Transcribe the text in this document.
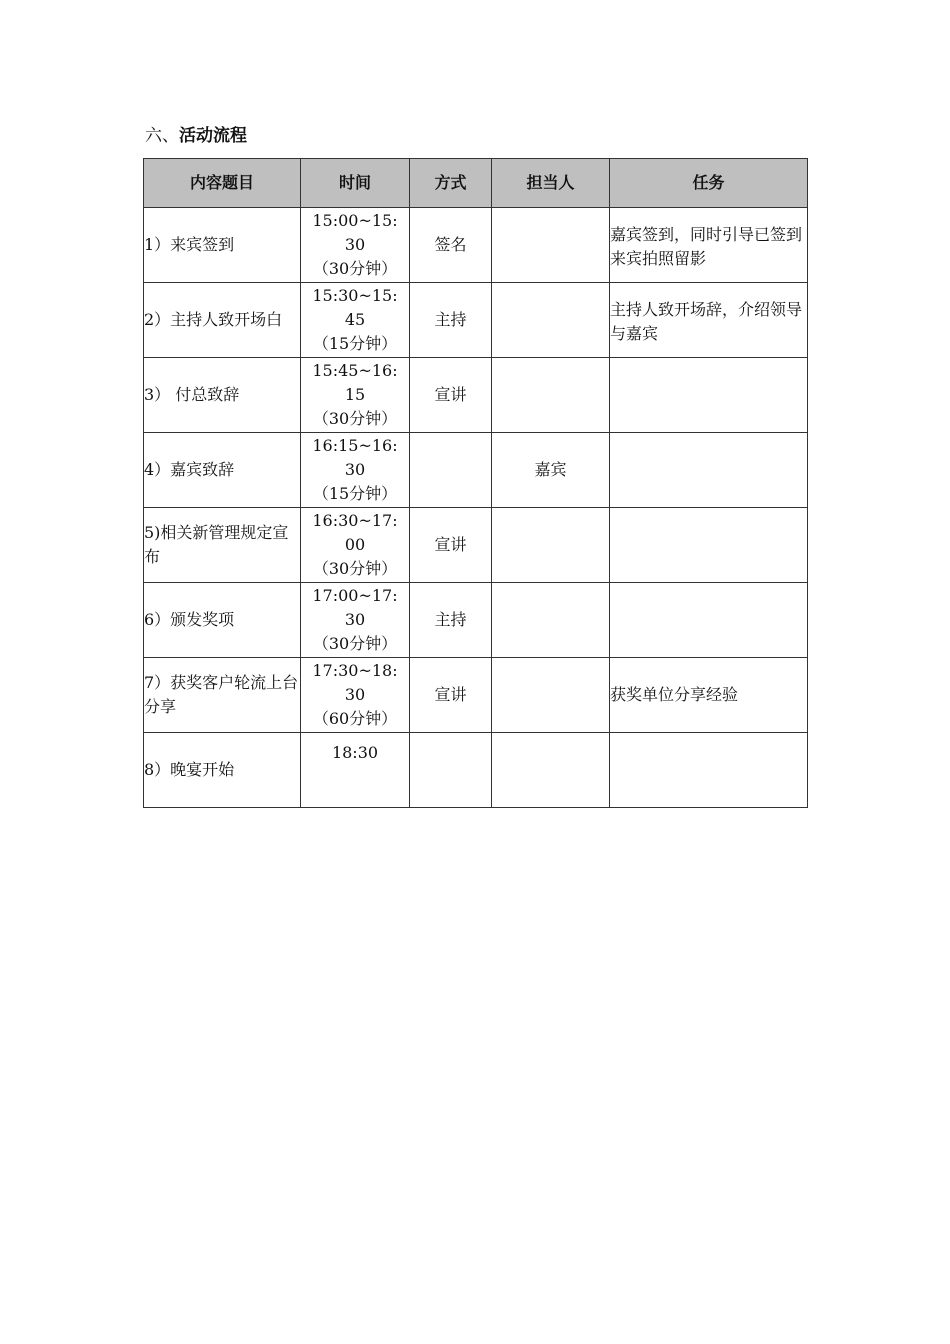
六、活动流程
内容题目	时间	方式	担当人	任务
1）来宾签到	15:00~15:
30
（30分钟）	签名		嘉宾签到，同时引导已签到来宾拍照留影

2）主持人致开场白	15:30~15:
45
（15分钟）	主持		主持人致开场辞，介绍领导与嘉宾

3） 付总致辞	15:45~16:
15
（30分钟）	宣讲		

4）嘉宾致辞	16:15~16:
30
（15分钟）		嘉宾	

5)相关新管理规定宣布	16:30~17:
00
（30分钟）	宣讲		

6）颁发奖项	17:00~17:
30
（30分钟）	主持		

7）获奖客户轮流上台分享	17:30~18:
30
（60分钟）	宣讲		获奖单位分享经验

8）晚宴开始	18:30			
